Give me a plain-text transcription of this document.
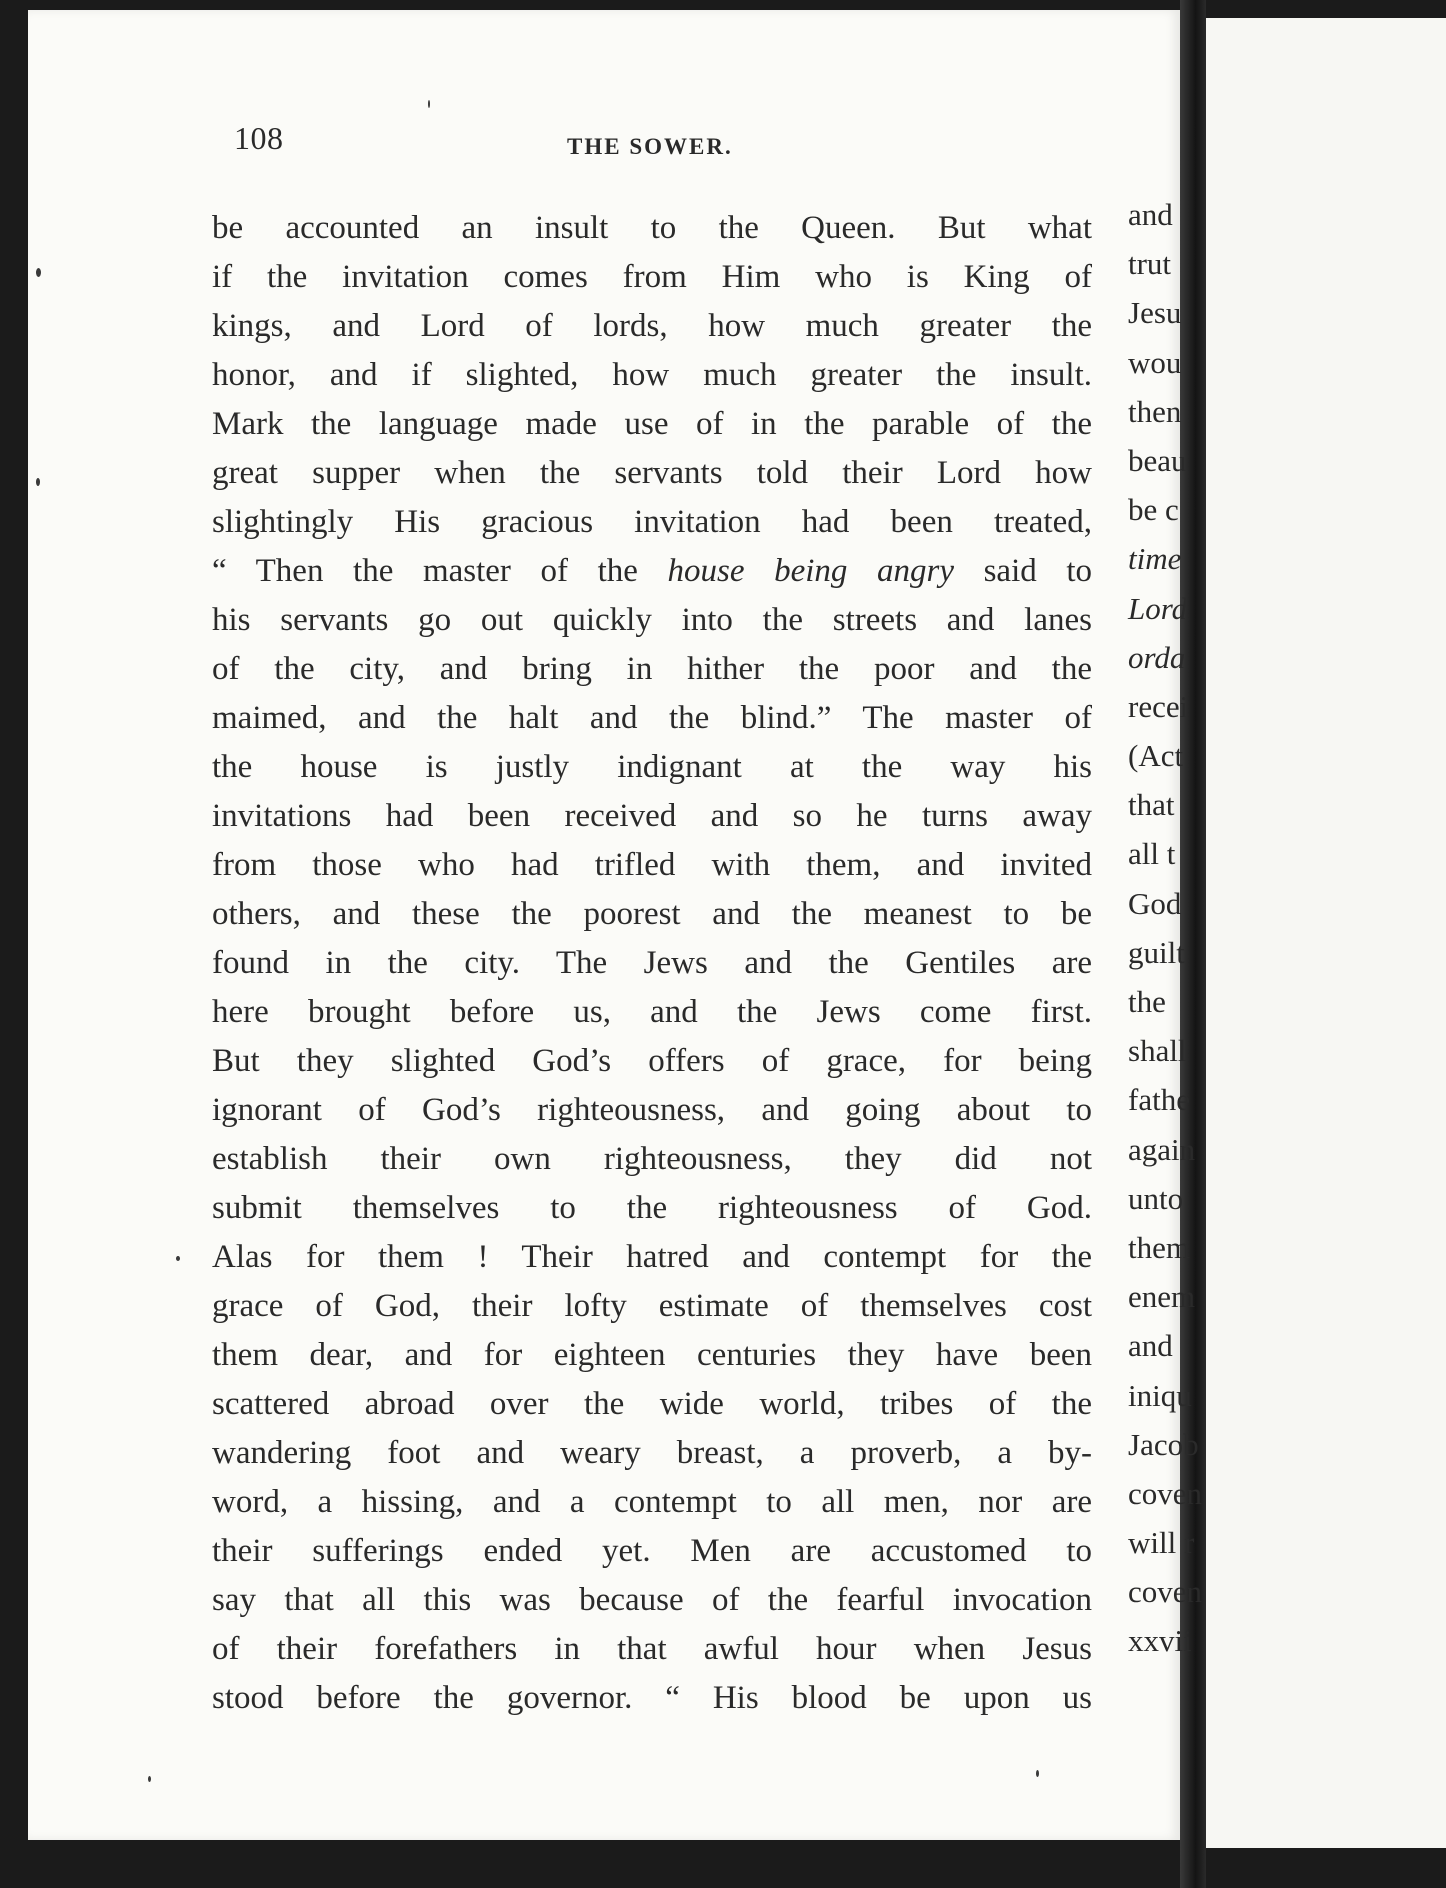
and
trut
Jesu
wou
then
beau
be c
time
Lord
orda
recei
(Act
that
all t
God
guilt
the
shall
fathe
again
unto
them
enem
and
iniqu
Jacob
coven
will r
coven
xxvii
108	THE SOWER.
be accounted an insult to the Queen. But what
if the invitation comes from Him who is King of
kings, and Lord of lords, how much greater the
honor, and if slighted, how much greater the insult.
Mark the language made use of in the parable of the
great supper when the servants told their Lord how
slightingly His gracious invitation had been treated,
“ Then the master of the house being angry said to
his servants go out quickly into the streets and lanes
of the city, and bring in hither the poor and the
maimed, and the halt and the blind.” The master of
the house is justly indignant at the way his
invitations had been received and so he turns away
from those who had trifled with them, and invited
others, and these the poorest and the meanest to be
found in the city. The Jews and the Gentiles are
here brought before us, and the Jews come first.
But they slighted God’s offers of grace, for being
ignorant of God’s righteousness, and going about to
establish their own righteousness, they did not
submit themselves to the righteousness of God.
Alas for them ! Their hatred and contempt for the
grace of God, their lofty estimate of themselves cost
them dear, and for eighteen centuries they have been
scattered abroad over the wide world, tribes of the
wandering foot and weary breast, a proverb, a by-
word, a hissing, and a contempt to all men, nor are
their sufferings ended yet. Men are accustomed to
say that all this was because of the fearful invocation
of their forefathers in that awful hour when Jesus
stood before the governor. “ His blood be upon us
